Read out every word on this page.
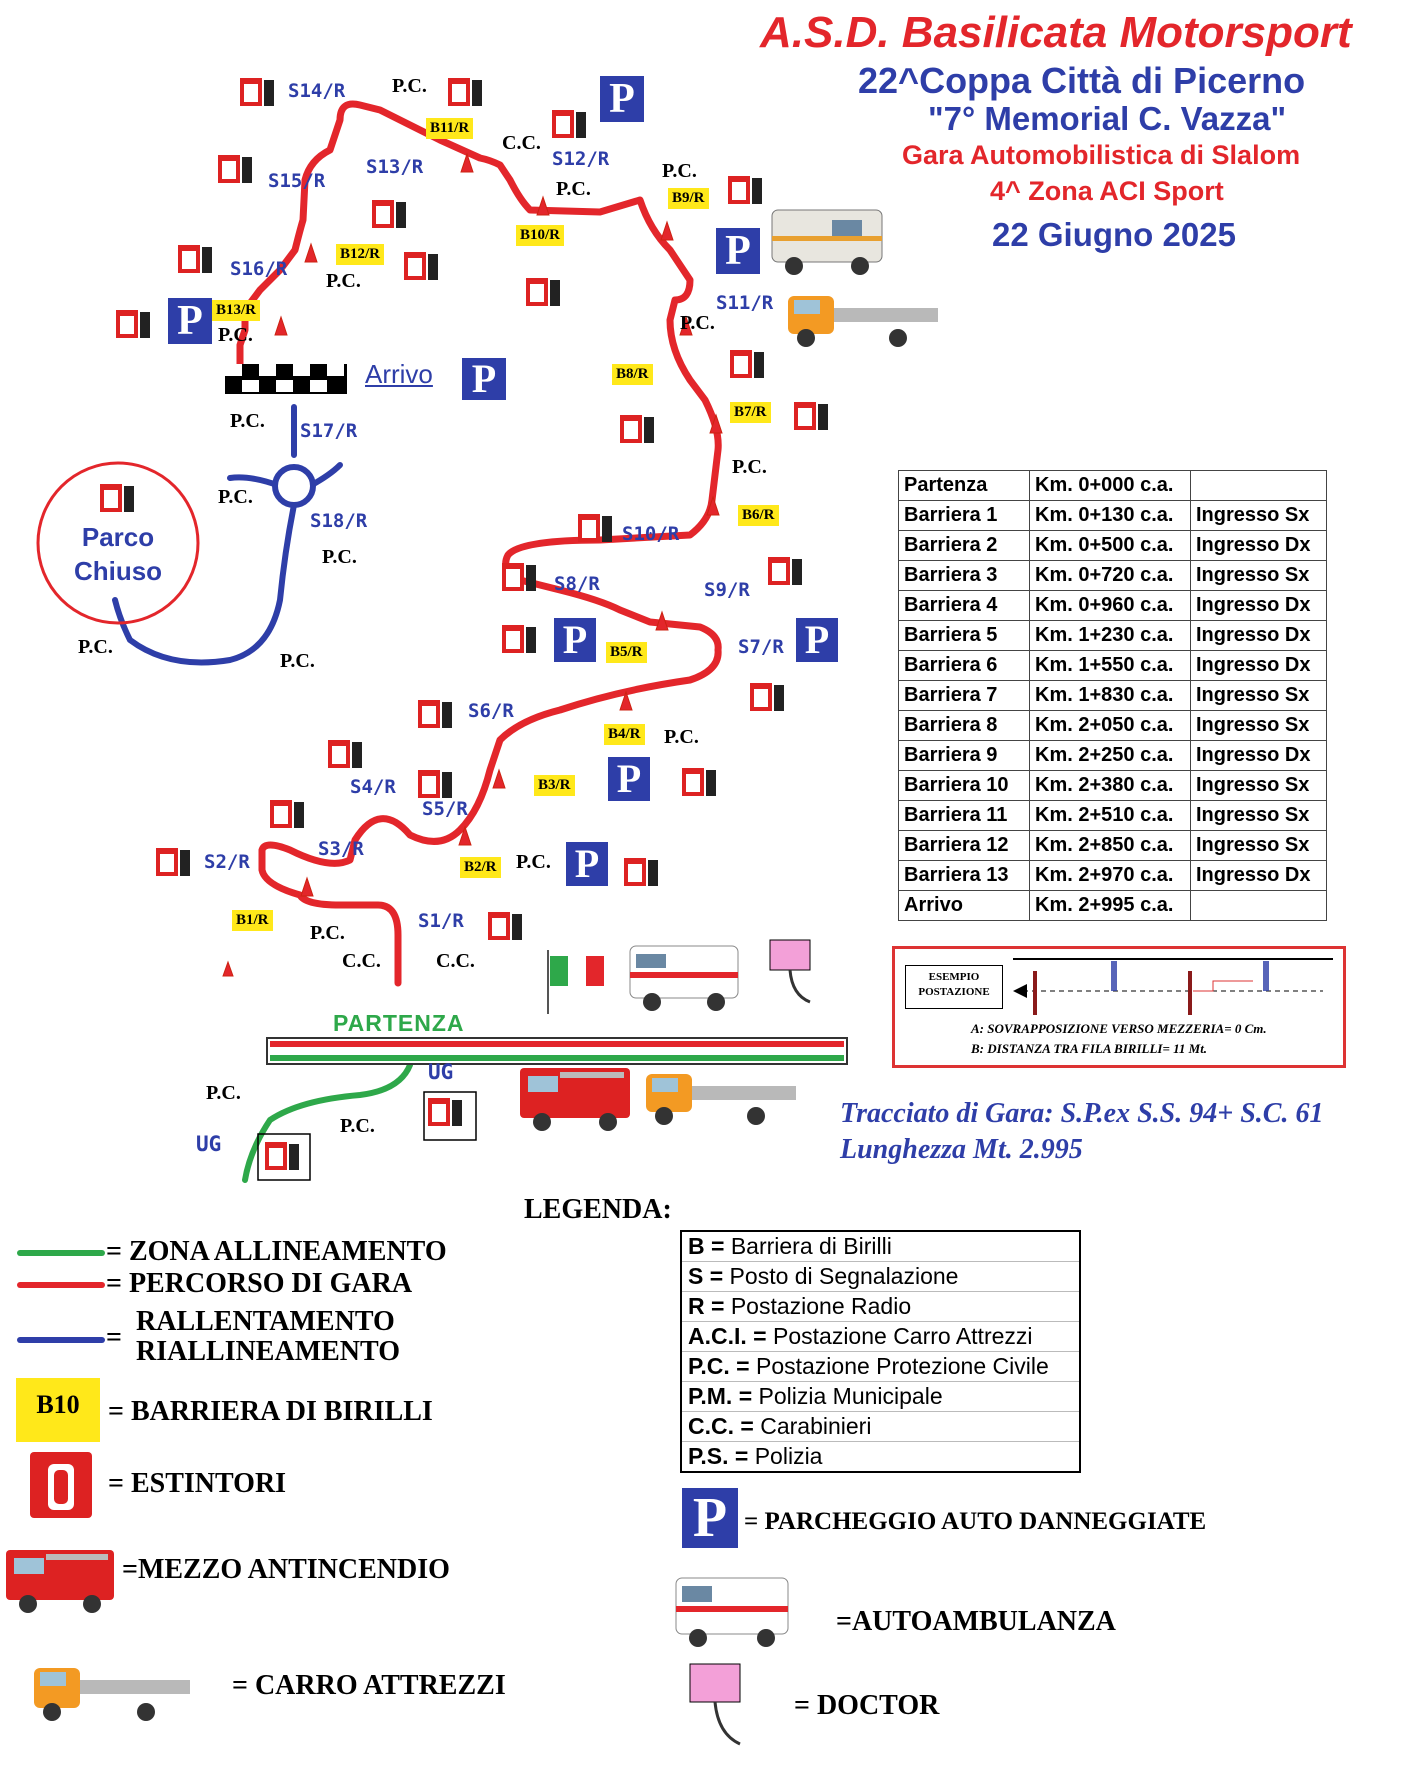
A.S.D. Basilicata Motorsport
22^Coppa Città di Picerno
"7° Memorial C. Vazza"
Gara Automobilistica di Slalom
4^ Zona ACI Sport
22 Giugno 2025
Arrivo
Parco
Chiuso
PARTENZA
P
P
P
P
P	P
P
P
S1/R
S2/R
S3/R
S4/R
S5/R
S6/R
S7/R
S8/R	S9/R
S10/R
S11/R
S12/R
S13/R
S14/R
S15/R
S16/R
S17/R
S18/R
B1/R
B2/R
B3/R
B4/R
B5/R
B6/R
B7/R
B8/R
B9/R
B10/R
B11/R
B12/R
B13/R
P.C.
C.C.
P.C.
P.C.
P.C.
P.C.
P.C.
P.C.
P.C.
P.C.
P.C.
P.C.
P.C.
P.C.
P.C.
P.C.
C.C.	C.C.
P.C.
P.C.
UG
UG
Partenza	Km. 0+000 c.a.	
Barriera 1	Km. 0+130 c.a.	Ingresso Sx
Barriera 2	Km. 0+500 c.a.	Ingresso Dx
Barriera 3	Km. 0+720 c.a.	Ingresso Sx
Barriera 4	Km. 0+960 c.a.	Ingresso Dx
Barriera 5	Km. 1+230 c.a.	Ingresso Dx
Barriera 6	Km. 1+550 c.a.	Ingresso Dx
Barriera 7	Km. 1+830 c.a.	Ingresso Sx
Barriera 8	Km. 2+050 c.a.	Ingresso Sx
Barriera 9	Km. 2+250 c.a.	Ingresso Dx
Barriera 10	Km. 2+380 c.a.	Ingresso Sx
Barriera 11	Km. 2+510 c.a.	Ingresso Sx
Barriera 12	Km. 2+850 c.a.	Ingresso Sx
Barriera 13	Km. 2+970 c.a.	Ingresso Dx
Arrivo	Km. 2+995 c.a.	
ESEMPIO
POSTAZIONE
A: SOVRAPPOSIZIONE VERSO MEZZERIA= 0 Cm.
B: DISTANZA TRA FILA BIRILLI= 11 Mt.
Tracciato di Gara: S.P.ex S.S. 94+ S.C. 61
Lunghezza Mt. 2.995
LEGENDA:
= ZONA ALLINEAMENTO
= PERCORSO DI GARA
=
RALLENTAMENTO
RIALLINEAMENTO
B10	= BARRIERA DI BIRILLI
= ESTINTORI
=MEZZO ANTINCENDIO
= CARRO ATTREZZI
B = Barriera di Birilli
S = Posto di Segnalazione
R = Postazione Radio
A.C.I. = Postazione Carro Attrezzi
P.C. = Postazione Protezione Civile
P.M. = Polizia Municipale
C.C. = Carabinieri
P.S. = Polizia
P = PARCHEGGIO AUTO DANNEGGIATE
=AUTOAMBULANZA
= DOCTOR
